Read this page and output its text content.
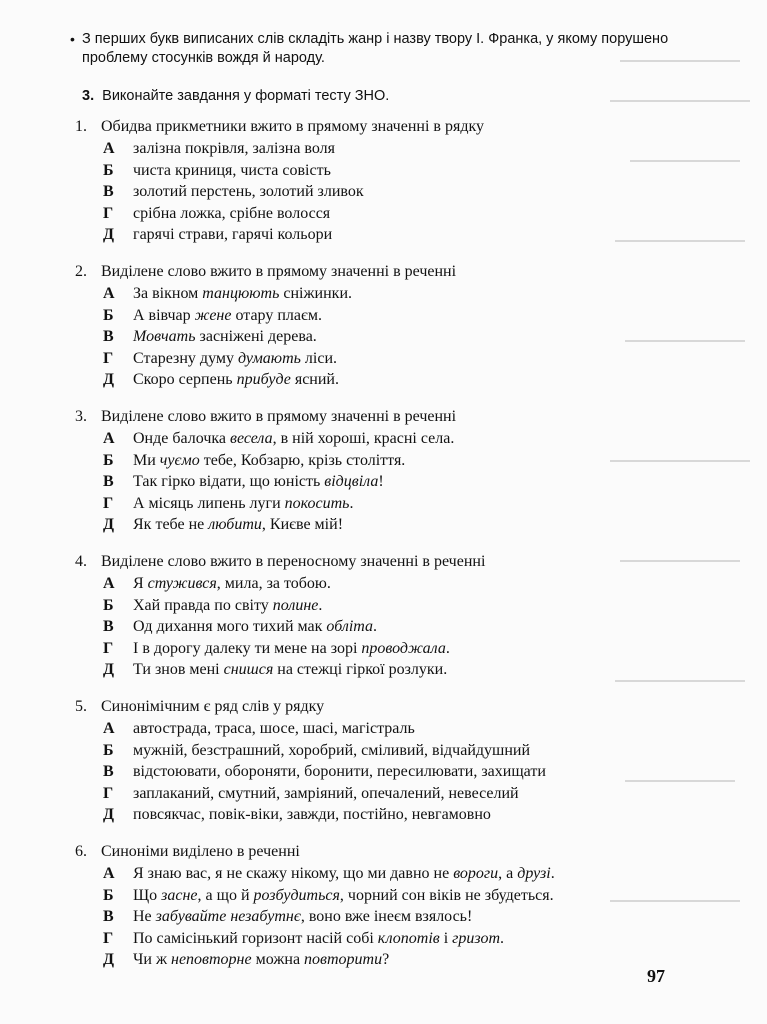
• З перших букв виписаних слів складіть жанр і назву твору І. Франка, у якому порушено проблему стосунків вождя й народу.
3. Виконайте завдання у форматі тесту ЗНО.
1. Обидва прикметники вжито в прямому значенні в рядку
А	залізна покрівля, залізна воля
Б	чиста криниця, чиста совість
В	золотий перстень, золотий зливок
Г	срібна ложка, срібне волосся
Д	гарячі страви, гарячі кольори
2. Виділене слово вжито в прямому значенні в реченні
А	За вікном танцюють сніжинки.
Б	А вівчар жене отару плаєм.
В	Мовчать засніжені дерева.
Г	Старезну думу думають ліси.
Д	Скоро серпень прибуде ясний.
3. Виділене слово вжито в прямому значенні в реченні
А	Онде балочка весела, в ній хороші, красні села.
Б	Ми чуємо тебе, Кобзарю, крізь століття.
В	Так гірко відати, що юність відцвіла!
Г	А місяць липень луги покосить.
Д	Як тебе не любити, Києве мій!
4. Виділене слово вжито в переносному значенні в реченні
А	Я стужився, мила, за тобою.
Б	Хай правда по світу полине.
В	Од дихання мого тихий мак обліта.
Г	І в дорогу далеку ти мене на зорі проводжала.
Д	Ти знов мені снишся на стежці гіркої розлуки.
5. Синонімічним є ряд слів у рядку
А	автострада, траса, шосе, шасі, магістраль
Б	мужній, безстрашний, хоробрий, сміливий, відчайдушний
В	відстоювати, обороняти, боронити, пересилювати, захищати
Г	заплаканий, смутний, замріяний, опечалений, невеселий
Д	повсякчас, повік-віки, завжди, постійно, невгамовно
6. Синоніми виділено в реченні
А	Я знаю вас, я не скажу нікому, що ми давно не вороги, а друзі.
Б	Що засне, а що й розбудиться, чорний сон віків не збудеться.
В	Не забувайте незабутнє, воно вже інеєм взялось!
Г	По самісінький горизонт насій собі клопотів і гризот.
Д	Чи ж неповторне можна повторити?
97
